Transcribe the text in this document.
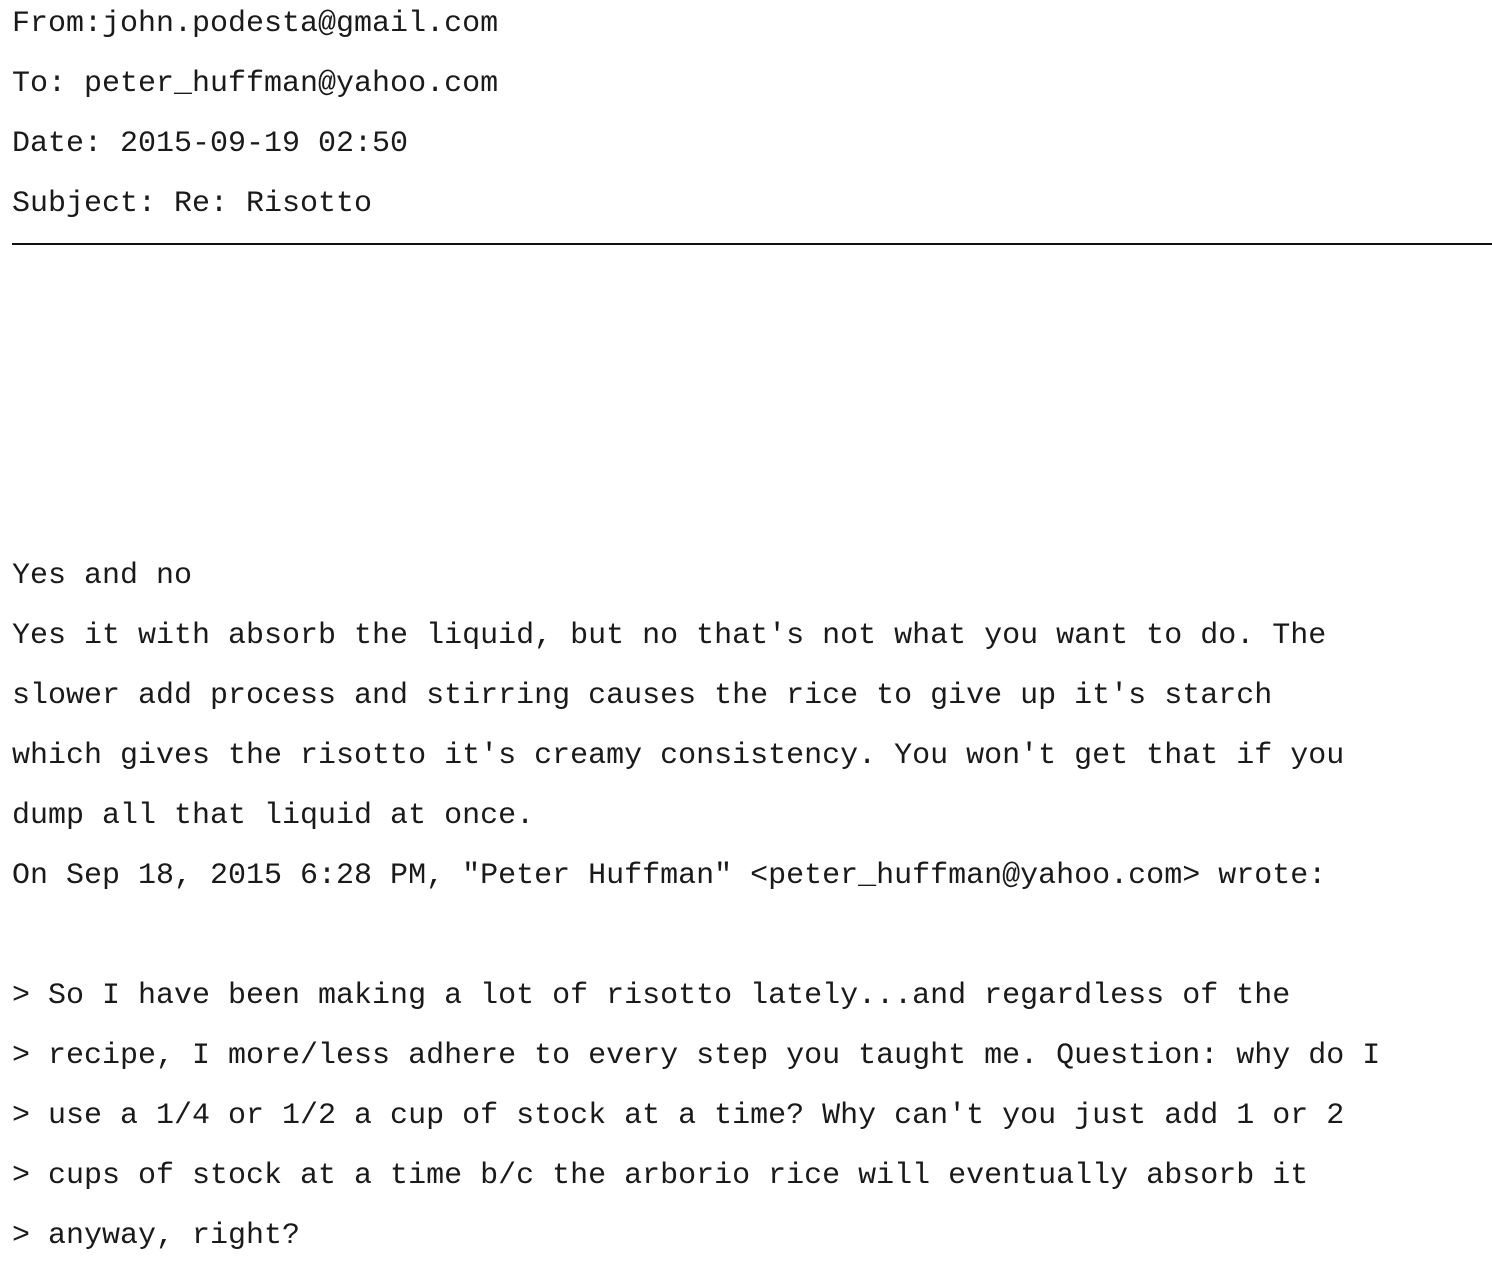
From:john.podesta@gmail.com
To: peter_huffman@yahoo.com
Date: 2015-09-19 02:50
Subject: Re: Risotto
Yes and no
Yes it with absorb the liquid, but no that's not what you want to do. The
slower add process and stirring causes the rice to give up it's starch
which gives the risotto it's creamy consistency. You won't get that if you
dump all that liquid at once.
On Sep 18, 2015 6:28 PM, "Peter Huffman" <peter_huffman@yahoo.com> wrote:
> So I have been making a lot of risotto lately...and regardless of the
> recipe, I more/less adhere to every step you taught me. Question: why do I
> use a 1/4 or 1/2 a cup of stock at a time? Why can't you just add 1 or 2
> cups of stock at a time b/c the arborio rice will eventually absorb it
> anyway, right?
